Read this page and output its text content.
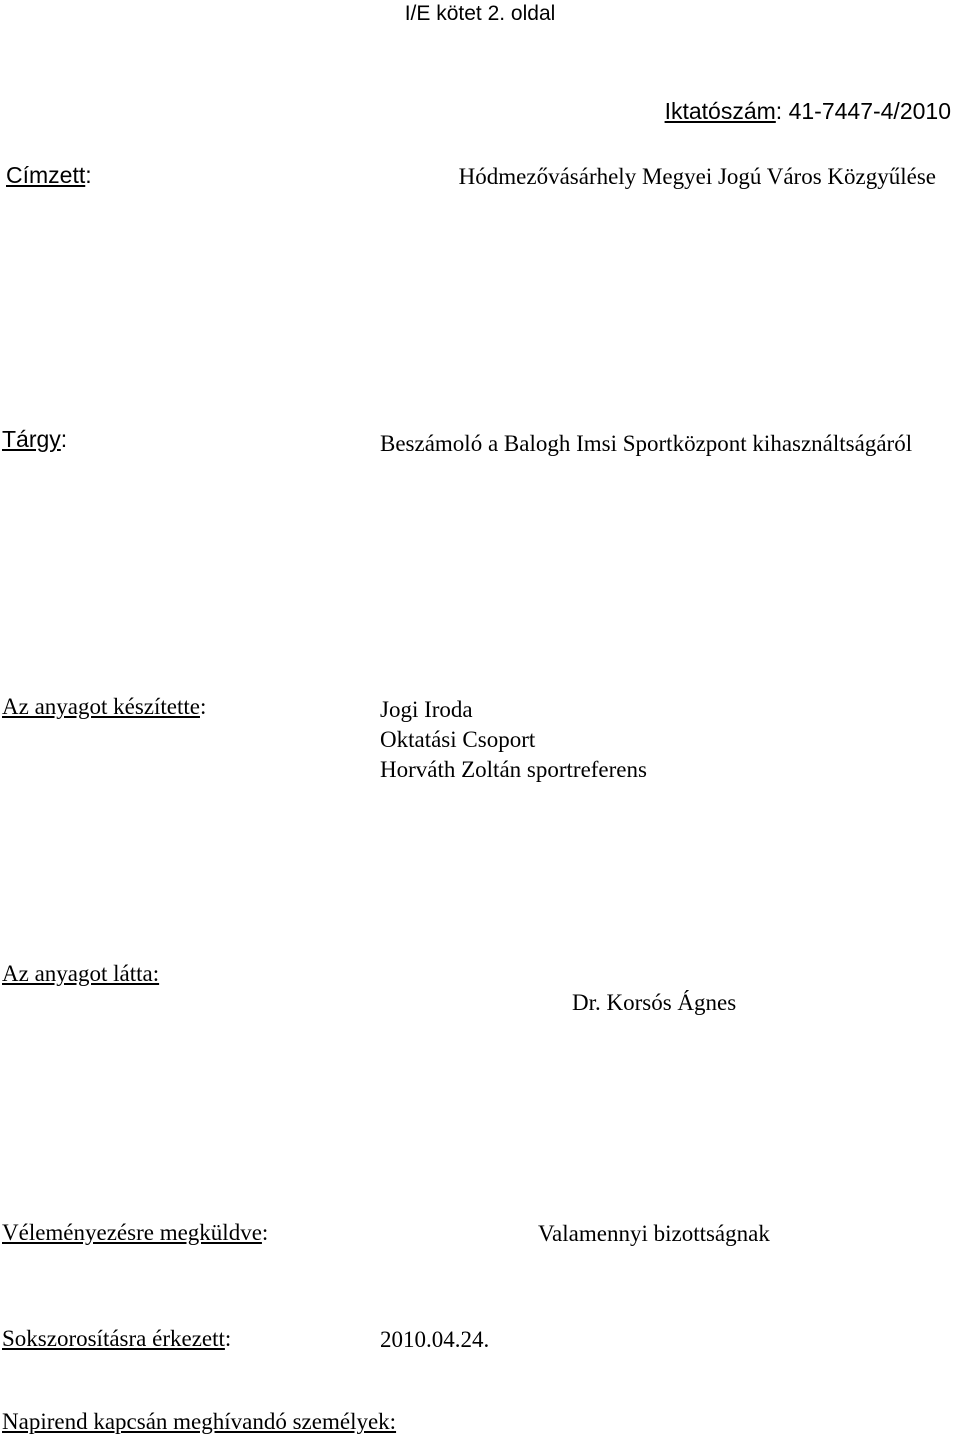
I/E kötet 2. oldal
Iktatószám: 41-7447-4/2010
Címzett:	Hódmezővásárhely Megyei Jogú Város Közgyűlése
Tárgy:	Beszámoló a Balogh Imsi Sportközpont kihasználtságáról
Az anyagot készítette:	Jogi Iroda
Oktatási Csoport
Horváth Zoltán sportreferens
Az anyagot látta:
Dr. Korsós Ágnes
Véleményezésre megküldve:	Valamennyi bizottságnak
Sokszorosításra érkezett:	2010.04.24.
Napirend kapcsán meghívandó személyek:
